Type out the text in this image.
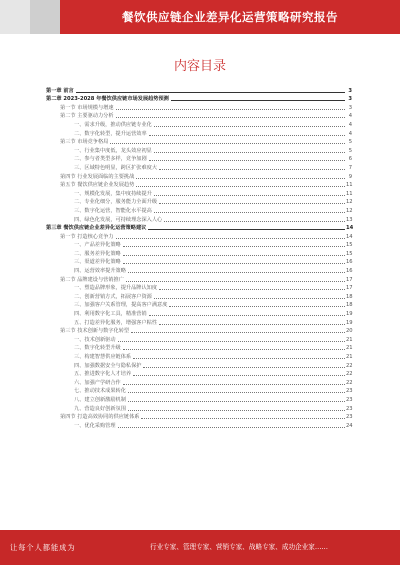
餐饮供应链企业差异化运营策略研究报告
内容目录
第一章 前言	3
第二章 2023-2028 年餐饮供应链市场发展趋势预测	3
第一节 市场规模与增速	3
第二节 主要驱动力分析	4
一、需求升级，推动供应链专业化	4
二、数字化转型，提升运营效率	4
第三节 市场竞争格局	5
一、行业集中度低，龙头效应初显	5
二、参与者类型多样，竞争加剧	6
三、区域特色明显，跨区扩张难度大	7
第四节 行业发展面临的主要挑战	9
第五节 餐饮供应链企业发展趋势	11
一、规模化发展，集中度持续提升	11
二、专业化细分，服务能力全面升级	12
三、数字化运营，智能化水平提高	12
四、绿色化发展，可持续理念深入人心	13
第三章 餐饮供应链企业差异化运营策略建议	14
第一节 打造核心竞争力	14
一、产品差异化策略	15
二、服务差异化策略	15
三、渠道差异化策略	16
四、运营效率提升策略	16
第二节 品牌建设与营销推广	17
一、塑造品牌形象，提升品牌认知度	17
二、创新营销方式，拓展客户资源	18
三、加强客户关系管理，提高客户满意度	18
四、利用数字化工具，精准营销	19
五、打造差异化服务，增强客户粘性	19
第三节 技术创新与数字化转型	20
一、技术创新驱动	21
二、数字化转型升级	21
三、构建智慧供应链体系	21
四、加强数据安全与隐私保护	22
五、推进数字化人才培养	22
六、加强产学研合作	22
七、推动技术成果转化	23
八、建立创新激励机制	23
九、营造良好创新氛围	23
第四节 打造高效协同的供应链体系	23
一、优化采购管理	24
让每个人都能成为	行业专家、管理专家、营销专家、战略专家、成功企业家……
